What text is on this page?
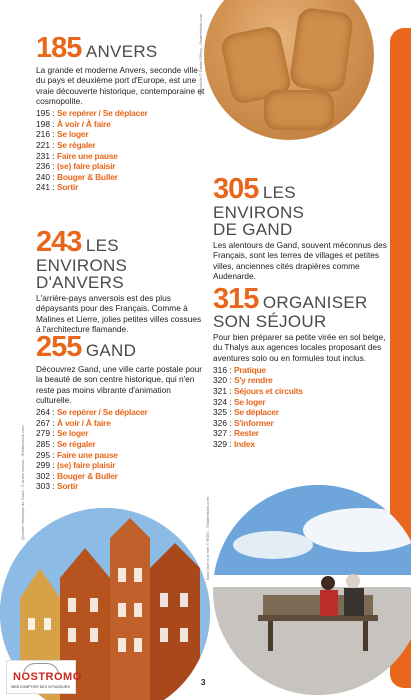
Speculoos © Daniel Gilbey - Shutterstock.com
185 ANVERS
La grande et moderne Anvers, seconde ville du pays et deuxième port d'Europe, est une vraie découverte historique, contemporaine et cosmopolite.
195 : Se repérer / Se déplacer
198 : À voir / À faire
216 : Se loger
221 : Se régaler
231 : Faire une pause
236 : (se) faire plaisir
240 : Bouger & Buller
241 : Sortir
243 LES ENVIRONS
D'ANVERS
L'arrière-pays anversois est des plus dépaysants pour des Français. Comme à Malines et Lierre, jolies petites villes cossues à l'architecture flamande.
255 GAND
Découvrez Gand, une ville carte postale pour la beauté de son centre historique, qui n'en reste pas moins vibrante d'animation culturelle.
264 : Se repérer / Se déplacer
267 : À voir / À faire
279 : Se loger
285 : Se régaler
295 : Faire une pause
299 : (se) faire plaisir
302 : Bouger & Buller
303 : Sortir
305 LES ENVIRONS
DE GAND
Les alentours de Gand, souvent méconnus des Français, sont les terres de villages et petites villes, anciennes cités drapières comme Audenarde.
315 ORGANISER
SON SÉJOUR
Pour bien préparer sa petite virée en sol belge, du Thalys aux agences locales proposant des aventures solo ou en formules tout inclus.
316 : Pratique
320 : S'y rendre
321 : Séjours et circuits
324 : Se loger
325 : Se déplacer
326 : S'informer
327 : Rester
329 : Index
Quartier historique de Gand - © Anton Ivanov - Shutterstock.com	Banc face à la mer © RIDO - Shutterstock.com
3
NOSTROMO
WEB COMPTOIR DES VOYAGEURS
